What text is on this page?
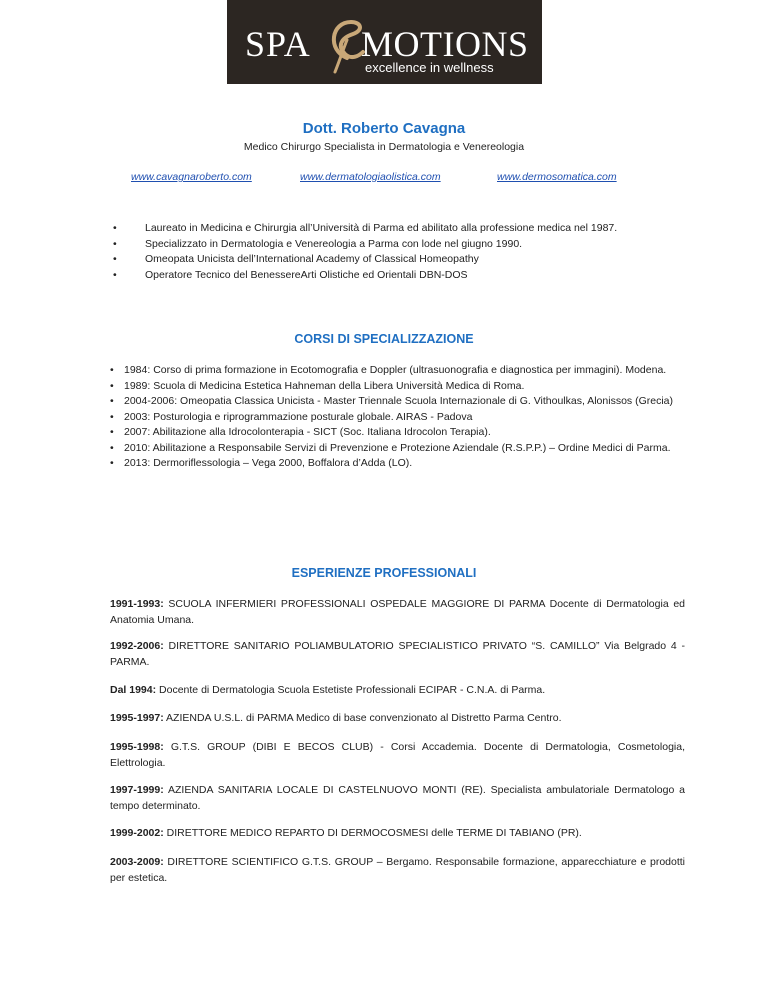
SPA MOTIONS
excellence in wellness
Dott. Roberto Cavagna
Medico Chirurgo Specialista in Dermatologia e Venereologia
www.cavagnaroberto.com	www.dermatologiaolistica.com	www.dermosomatica.com
•	Laureato in Medicina e Chirurgia all’Università di Parma ed abilitato alla professione medica nel 1987.
•	Specializzato in Dermatologia e Venereologia a Parma con lode nel giugno 1990.
•	Omeopata Unicista dell’International Academy of Classical Homeopathy
•	Operatore Tecnico del BenessereArti Olistiche ed Orientali DBN-DOS
CORSI DI SPECIALIZZAZIONE

• 1984: Corso di prima formazione in Ecotomografia e Doppler (ultrasuonografia e diagnostica per immagini). Modena.

• 1989: Scuola di Medicina Estetica Hahneman della Libera Università Medica di Roma.

• 2004-2006: Omeopatia Classica Unicista - Master Triennale Scuola Internazionale di G. Vithoulkas, Alonissos (Grecia)

• 2003: Posturologia e riprogrammazione posturale globale. AIRAS - Padova

• 2007: Abilitazione alla Idrocolonterapia - SICT (Soc. Italiana Idrocolon Terapia).

• 2010: Abilitazione a Responsabile Servizi di Prevenzione e Protezione Aziendale (R.S.P.P.) – Ordine Medici di Parma.

• 2013: Dermoriflessologia – Vega 2000, Boffalora d’Adda (LO).

ESPERIENZE PROFESSIONALI

1991-1993: SCUOLA INFERMIERI PROFESSIONALI OSPEDALE MAGGIORE DI PARMA Docente di Dermatologia ed Anatomia Umana.

1992-2006: DIRETTORE SANITARIO POLIAMBULATORIO SPECIALISTICO PRIVATO “S. CAMILLO” Via Belgrado 4 - PARMA.

Dal 1994: Docente di Dermatologia Scuola Estetiste Professionali ECIPAR - C.N.A. di Parma.

1995-1997: AZIENDA U.S.L. di PARMA Medico di base convenzionato al Distretto Parma Centro.

1995-1998: G.T.S. GROUP (DIBI E BECOS CLUB) - Corsi Accademia. Docente di Dermatologia, Cosmetologia, Elettrologia.

1997-1999: AZIENDA SANITARIA LOCALE DI CASTELNUOVO MONTI (RE). Specialista ambulatoriale Dermatologo a tempo determinato.

1999-2002: DIRETTORE MEDICO REPARTO DI DERMOCOSMESI delle TERME DI TABIANO (PR).

2003-2009: DIRETTORE SCIENTIFICO G.T.S. GROUP – Bergamo. Responsabile formazione, apparecchiature e prodotti per estetica.
